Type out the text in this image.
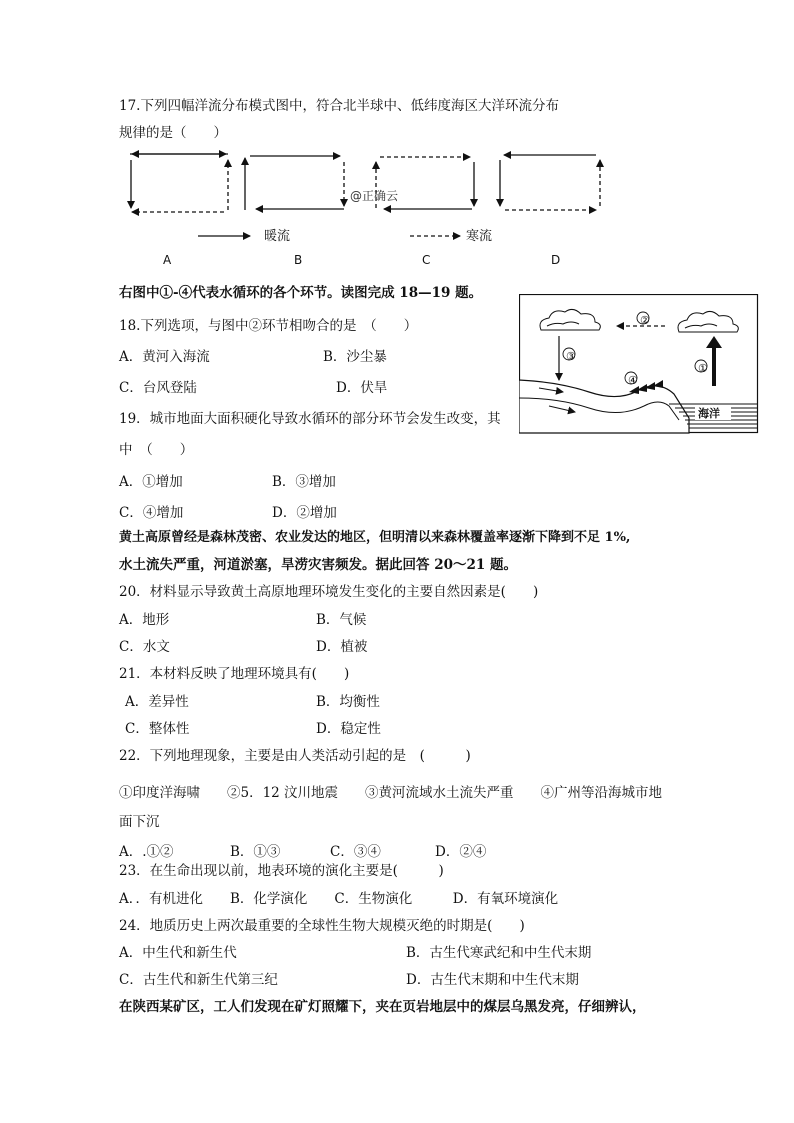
17.下列四幅洋流分布模式图中，符合北半球中、低纬度海区大洋环流分布
规律的是（　　）
@正确云
暖流	寒流
A	B	C	D
右图中①-④代表水循环的各个环节。读图完成 18—19 题。
②
③
①
④
海洋
18.下列选项，与图中②环节相吻合的是　（　　）
A．黄河入海流	B．沙尘暴
C．台风登陆	D．伏旱
19．城市地面大面积硬化导致水循环的部分环节会发生改变，其
中　（　　）
A．①增加	B．③增加
C．④增加	D．②增加
黄土高原曾经是森林茂密、农业发达的地区，但明清以来森林覆盖率逐渐下降到不足 1%,
水土流失严重，河道淤塞，旱涝灾害频发。据此回答 20～21 题。
20．材料显示导致黄土高原地理环境发生变化的主要自然因素是(　　)
A．地形	B．气候
C．水文	D．植被
21．本材料反映了地理环境具有(　　)
A．差异性	B．均衡性
C．整体性	D．稳定性
22．下列地理现象，主要是由人类活动引起的是　(　　　)
①印度洋海啸　　②5．12 汶川地震　　③黄河流域水土流失严重　　④广州等沿海城市地
面下沉
A．.①②	B．①③	C．③④	D．②④
23．在生命出现以前，地表环境的演化主要是(　　　)
A．．有机进化　　B．化学演化　　C．生物演化　　　D．有氧环境演化
24．地质历史上两次最重要的全球性生物大规模灭绝的时期是(　　)
A．中生代和新生代	B．古生代寒武纪和中生代末期
C．古生代和新生代第三纪	D．古生代末期和中生代末期
在陕西某矿区，工人们发现在矿灯照耀下，夹在页岩地层中的煤层乌黑发亮，仔细辨认，
